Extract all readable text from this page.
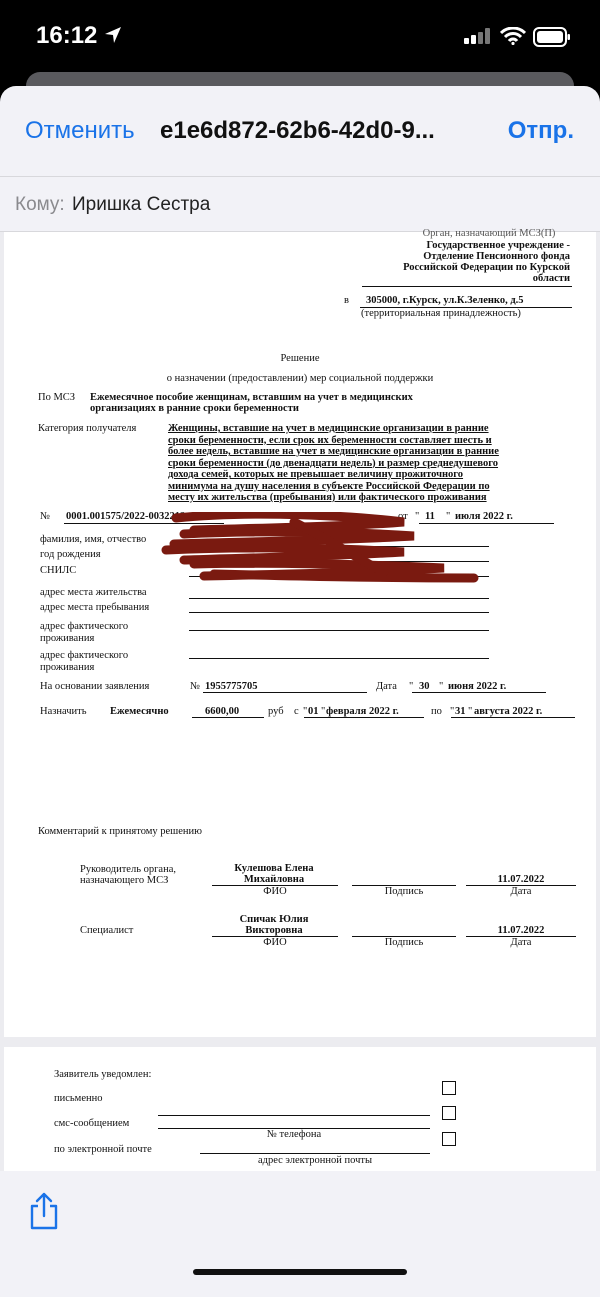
16:12
Отменить e1e6d872-62b6-42d0-9...	Отпр.
Кому: Иришка Сестра
Орган, назначающий МСЗ(П)
Государственное учреждение -
Отделение Пенсионного фонда
Российской Федерации по Курской
области
в 305000, г.Курск, ул.К.Зеленко, д.5
(территориальная принадлежность)
Решение
о назначении (предоставлении) мер социальной поддержки
По МСЗ Ежемесячное пособие женщинам, вставшим на учет в медицинских
организациях в ранние сроки беременности
Категория получателя	Женщины, вставшие на учет в медицинские организации в ранние
сроки беременности, если срок их беременности составляет шесть и
более недель, вставшие на учет в медицинские организации в ранние
сроки беременности (до двенадцати недель) и размер среднедушевого
дохода семей, которых не превышает величину прожиточного
минимума на душу населения в субъекте Российской Федерации по
месту их жительства (пребывания) или фактического проживания
№ 0001.001575/2022-0032212	от " 11 " июля 2022 г.
фамилия, имя, отчество
год рождения
СНИЛС
адрес места жительства
адрес места пребывания
адрес фактического проживания
адрес фактического проживания
На основании заявления	№ 1955775705	Дата " 30 " июня 2022 г.
Назначить Ежемесячно	6600,00	руб с " 01 " февраля 2022 г.	по " 31 " августа 2022 г.
Комментарий к принятому решению
Руководитель органа,
назначающего МСЗ
Кулешова Елена
Михайловна	11.07.2022
ФИО	Подпись	Дата
Специалист
Спичак Юлия
Викторовна	11.07.2022
ФИО	Подпись	Дата
Заявитель уведомлен:
письменно
смс-сообщением
№ телефона
по электронной почте
адрес электронной почты
